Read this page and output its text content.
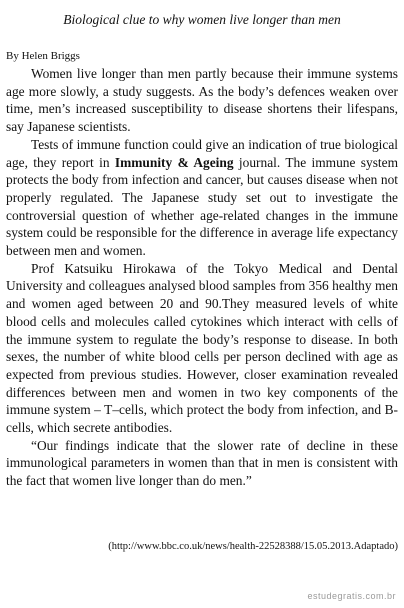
Biological clue to why women live longer than men
By Helen Briggs

Women live longer than men partly because their immune systems age more slowly, a study suggests. As the body’s defences weaken over time, men’s increased susceptibility to disease shortens their lifespans, say Japanese scientists.

Tests of immune function could give an indication of true biological age, they report in Immunity & Ageing journal. The immune system protects the body from infection and cancer, but causes disease when not properly regulated. The Japanese study set out to investigate the controversial question of whether age-related changes in the immune system could be responsible for the difference in average life expectancy between men and women.

Prof Katsuiku Hirokawa of the Tokyo Medical and Dental University and colleagues analysed blood samples from 356 healthy men and women aged between 20 and 90.They measured levels of white blood cells and molecules called cytokines which interact with cells of the immune system to regulate the body’s response to disease. In both sexes, the number of white blood cells per person declined with age as expected from previous studies. However, closer examination revealed differences between men and women in two key components of the immune system – T–cells, which protect the body from infection, and B-cells, which secrete antibodies.

“Our findings indicate that the slower rate of decline in these immunological parameters in women than that in men is consistent with the fact that women live longer than do men.”

(http://www.bbc.co.uk/news/health-22528388/15.05.2013.Adaptado)
estudegratis.com.br
